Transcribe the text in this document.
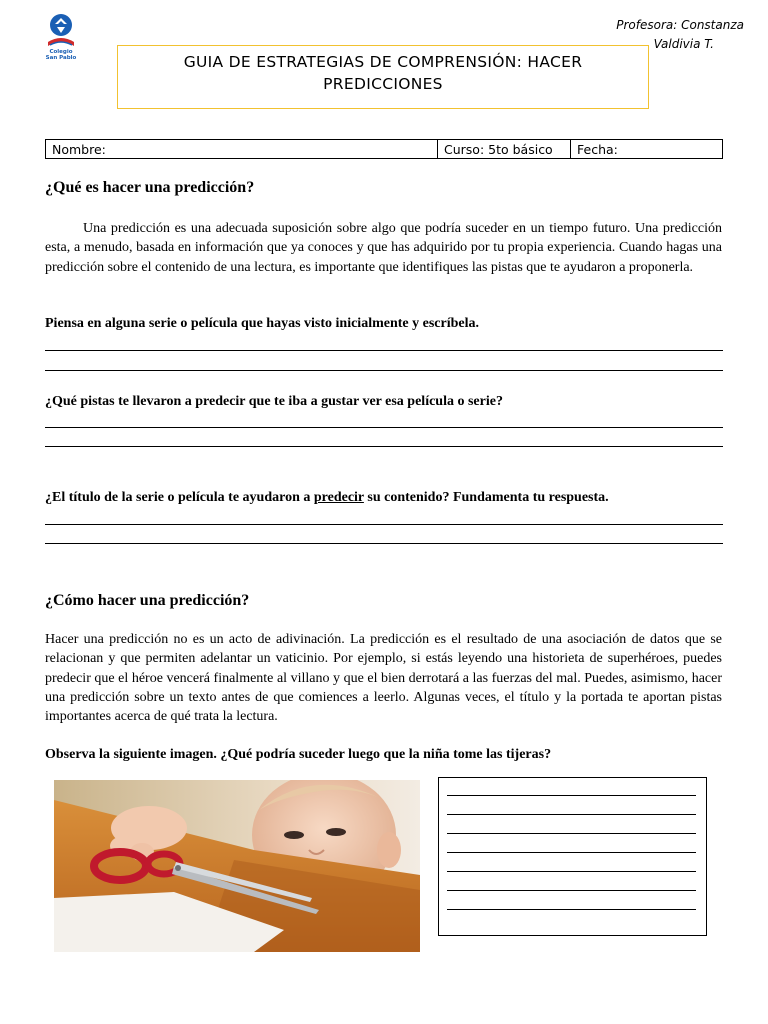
Colegio
San Pablo
Profesora: Constanza
Valdivia T.
GUIA DE ESTRATEGIAS DE COMPRENSIÓN: HACER
PREDICCIONES
Nombre:	Curso: 5to básico	Fecha:
¿Qué es hacer una predicción?
Una predicción es una adecuada suposición sobre algo que podría suceder en un tiempo futuro. Una predicción esta, a menudo, basada en información que ya conoces y que has adquirido por tu propia experiencia. Cuando hagas una predicción sobre el contenido de una lectura, es importante que identifiques las pistas que te ayudaron a proponerla.
Piensa en alguna serie o película que hayas visto inicialmente y escríbela.
¿Qué pistas te llevaron a predecir que te iba a gustar ver esa película o serie?
¿El título de la serie o película te ayudaron a predecir su contenido? Fundamenta tu respuesta.
¿Cómo hacer una predicción?
Hacer una predicción no es un acto de adivinación. La predicción es el resultado de una asociación de datos que se relacionan y que permiten adelantar un vaticinio. Por ejemplo, si estás leyendo una historieta de superhéroes, puedes predecir que el héroe vencerá finalmente al villano y que el bien derrotará a las fuerzas del mal. Puedes, asimismo, hacer una predicción sobre un texto antes de que comiences a leerlo. Algunas veces, el título y la portada te aportan pistas importantes acerca de qué trata la lectura.
Observa la siguiente imagen. ¿Qué podría suceder luego que la niña tome las tijeras?
